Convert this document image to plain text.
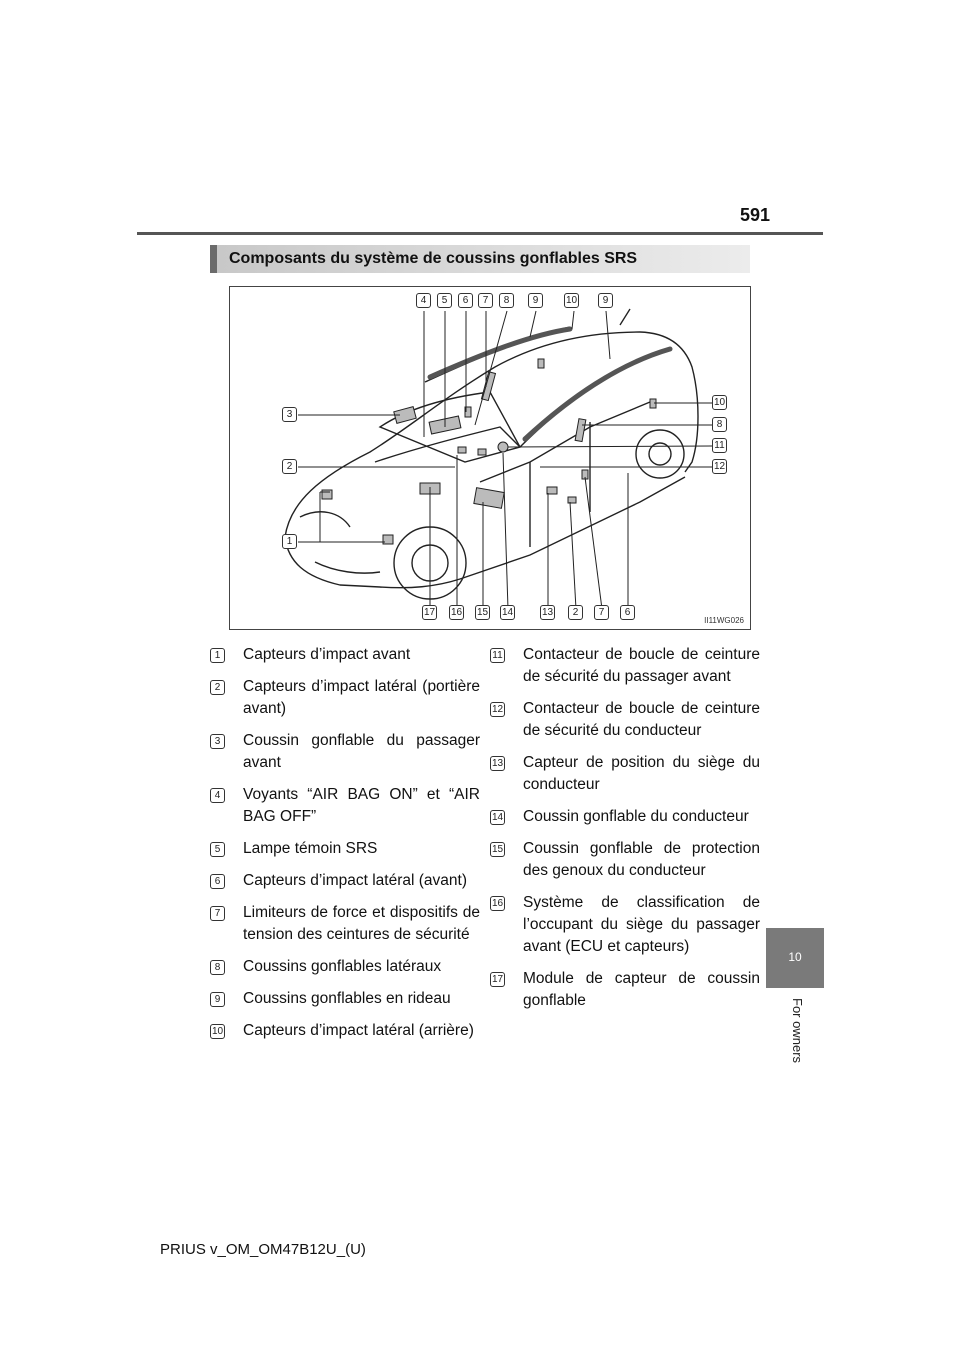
591
Composants du système de coussins gonflables SRS
4	5	6	7	8	9	10	9
3
2
1
10
8
11
12
17 16 15 14	13	2	7	6
II11WG026
1	Capteurs d’impact avant
2	Capteurs d’impact latéral (portière avant)
3	Coussin gonflable du passager avant
4	Voyants “AIR BAG ON” et “AIR BAG OFF”
5	Lampe témoin SRS
6	Capteurs d’impact latéral (avant)
7	Limiteurs de force et dispositifs de tension des ceintures de sécurité
8	Coussins gonflables latéraux
9	Coussins gonflables en rideau
10 Capteurs d’impact latéral (arrière)
11 Contacteur de boucle de ceinture de sécurité du passager avant
12 Contacteur de boucle de ceinture de sécurité du conducteur
13 Capteur de position du siège du conducteur
14 Coussin gonflable du conducteur
15 Coussin gonflable de protection des genoux du conducteur
16 Système de classification de l’occupant du siège du passager avant (ECU et capteurs)
17 Module de capteur de coussin gonflable
10
For owners
PRIUS v_OM_OM47B12U_(U)
